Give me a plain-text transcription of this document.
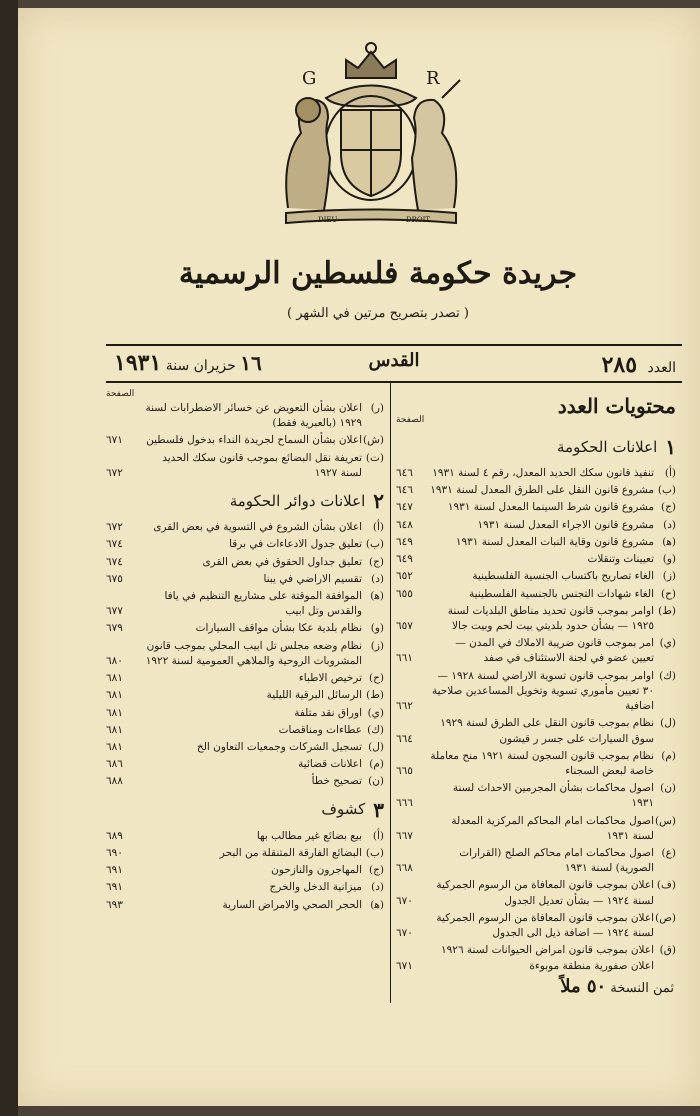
G	R
DIEU	DROIT
جريدة حكومة فلسطين الرسمية
( تصدر بتصريح مرتين في الشهر )
العدد ٢٨٥
القدس
١٦ حزيران سنة ١٩٣١
محتويات العدد
الصفحة
١
اعلانات الحكومة
(أ)
تنفيذ قانون سكك الحديد المعدل، رقم ٤ لسنة ١٩٣١
٦٤٦
(ب)
مشروع قانون النقل على الطرق المعدل لسنة ١٩٣١
٦٤٦
(ج)
مشروع قانون شرط السينما المعدل لسنة ١٩٣١
٦٤٧
(د)
مشروع قانون الاجراء المعدل لسنة ١٩٣١
٦٤٨
(ﻫ)
مشروع قانون وقاية النبات المعدل لسنة ١٩٣١
٦٤٩
(و)
تعيينات وتنقلات
٦٤٩
(ز)
الغاء تصاريح باكتساب الجنسية الفلسطينية
٦٥٢
(ح)
الغاء شهادات التجنس بالجنسية الفلسطينية
٦٥٥
(ط)
اوامر بموجب قانون تحديد مناطق البلديات لسنة ١٩٢٥ — بشأن حدود بلديتي بيت لحم وبيت جالا
٦٥٧
(ي)
امر بموجب قانون ضريبة الاملاك في المدن — تعيين عضو في لجنة الاستئناف في صفد
٦٦١
(ك)
اوامر بموجب قانون تسوية الاراضي لسنة ١٩٢٨ — ٣٠ تعيين مأموري تسوية وتخويل المساعدين صلاحية اضافية
٦٦٢
(ل)
نظام بموجب قانون النقل على الطرق لسنة ١٩٢٩ سوق السيارات على جسر ر قيشون
٦٦٤
(م)
نظام بموجب قانون السجون لسنة ١٩٢١ منح معاملة خاصة لبعض السجناء
٦٦٥
(ن)
اصول محاكمات بشأن المجرمين الاحداث لسنة ١٩٣١
٦٦٦
(س)
اصول محاكمات امام المحاكم المركزية المعدلة لسنة ١٩٣١
٦٦٧
(ع)
اصول محاكمات امام محاكم الصلح (القرارات الصورية) لسنة ١٩٣١
٦٦٨
(ف)
اعلان بموجب قانون المعافاة من الرسوم الجمركية لسنة ١٩٢٤ — بشأن تعديل الجدول
٦٧٠
(ص)
اعلان بموجب قانون المعافاة من الرسوم الجمركية لسنة ١٩٢٤ — اضافة ذيل الى الجدول
٦٧٠
(ق)
اعلان بموجب قانون امراض الحيوانات لسنة ١٩٢٦ اعلان صفورية منطقة موبوءة
٦٧١
الصفحة
(ر)
اعلان بشأن التعويض عن خسائر الاضطرابات لسنة ١٩٢٩ (بالعبرية فقط)
(ش)
اعلان بشأن السماح لجريدة النداء بدخول فلسطين
٦٧١
(ت)
تعريفة نقل البضائع بموجب قانون سكك الحديد لسنة ١٩٢٧
٦٧٢
٢
اعلانات دوائر الحكومة
(أ)
اعلان بشأن الشروع في التسوية في بعض القرى
٦٧٢
(ب)
تعليق جدول الادعاءات في برقا
٦٧٤
(ج)
تعليق جداول الحقوق في بعض القرى
٦٧٤
(د)
تقسيم الاراضي في يبنا
٦٧٥
(ﻫ)
الموافقة الموقتة على مشاريع التنظيم في يافا والقدس وتل ابيب
٦٧٧
(و)
نظام بلدية عكا بشأن مواقف السيارات
٦٧٩
(ز)
نظام وضعه مجلس تل ابيب المحلي بموجب قانون المشروبات الروحية والملاهي العمومية لسنة ١٩٢٢
٦٨٠
(ح)
ترخيص الاطباء
٦٨١
(ط)
الرسائل البرقية الليلية
٦٨١
(ي)
اوراق نقد متلفة
٦٨١
(ك)
عطاءات ومناقصات
٦٨١
(ل)
تسجيل الشركات وجمعيات التعاون الخ
٦٨١
(م)
اعلانات قضائية
٦٨٦
(ن)
تصحيح خطأ
٦٨٨
٣
كشوف
(أ)
بيع بضائع غير مطالب بها
٦٨٩
(ب)
البضائع الفارقة المتنقلة من البحر
٦٩٠
(ج)
المهاجرون والنازحون
٦٩١
(د)
ميزانية الدخل والخرج
٦٩١
(ﻫ)
الحجر الصحي والامراض السارية
٦٩٣
ثمن النسخة ٥٠ ملاً
